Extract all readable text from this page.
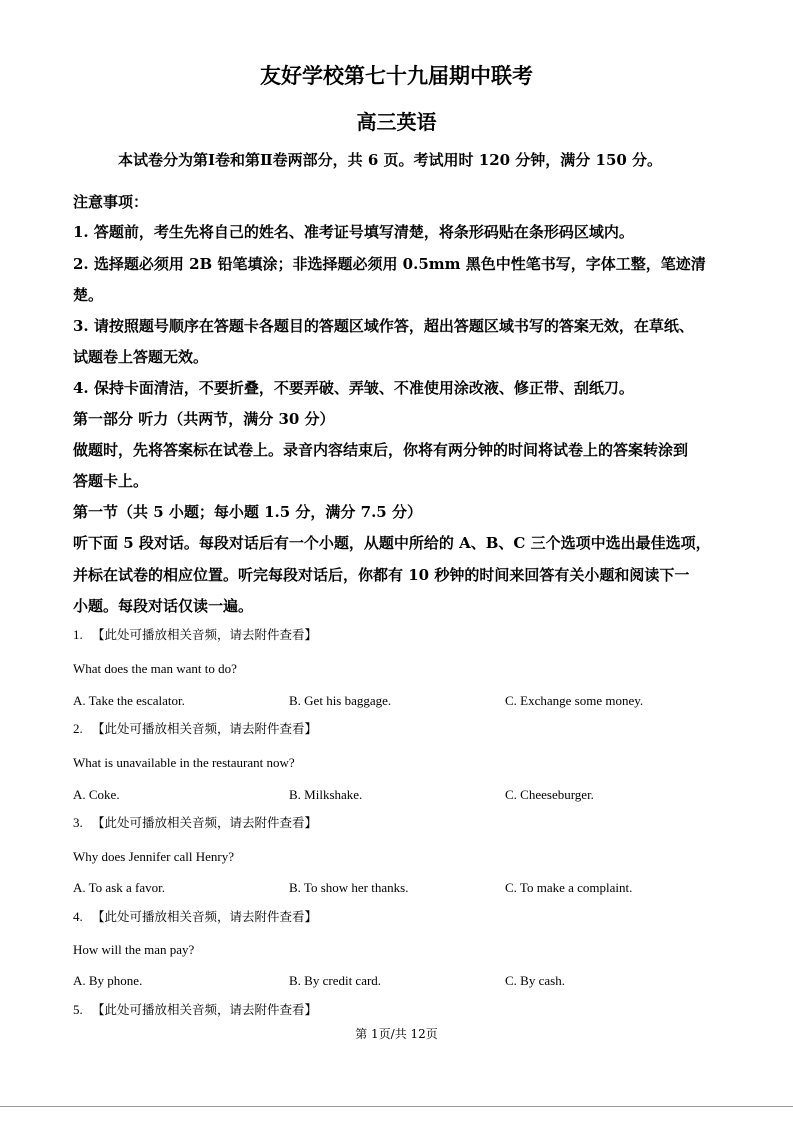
友好学校第七十九届期中联考
高三英语
本试卷分为第Ⅰ卷和第Ⅱ卷两部分，共 6 页。考试用时 120 分钟，满分 150 分。
注意事项：
1. 答题前，考生先将自己的姓名、准考证号填写清楚，将条形码贴在条形码区域内。
2. 选择题必须用 2B 铅笔填涂；非选择题必须用 0.5mm 黑色中性笔书写，字体工整，笔迹清
楚。
3. 请按照题号顺序在答题卡各题目的答题区域作答，超出答题区域书写的答案无效，在草纸、
试题卷上答题无效。
4. 保持卡面清洁，不要折叠，不要弄破、弄皱、不准使用涂改液、修正带、刮纸刀。
第一部分 听力（共两节，满分 30 分）
做题时，先将答案标在试卷上。录音内容结束后，你将有两分钟的时间将试卷上的答案转涂到
答题卡上。
第一节（共 5 小题；每小题 1.5 分，满分 7.5 分）
听下面 5 段对话。每段对话后有一个小题，从题中所给的 A、B、C 三个选项中选出最佳选项，
并标在试卷的相应位置。听完每段对话后，你都有 10 秒钟的时间来回答有关小题和阅读下一
小题。每段对话仅读一遍。
1. 【此处可播放相关音频，请去附件查看】
What does the man want to do?
A. Take the escalator.	B. Get his baggage.	C. Exchange some money.
2. 【此处可播放相关音频，请去附件查看】
What is unavailable in the restaurant now?
A. Coke.	B. Milkshake.	C. Cheeseburger.
3. 【此处可播放相关音频，请去附件查看】
Why does Jennifer call Henry?
A. To ask a favor.	B. To show her thanks.	C. To make a complaint.
4. 【此处可播放相关音频，请去附件查看】
How will the man pay?
A. By phone.	B. By credit card.	C. By cash.
5. 【此处可播放相关音频，请去附件查看】
第 1页/共 12页
